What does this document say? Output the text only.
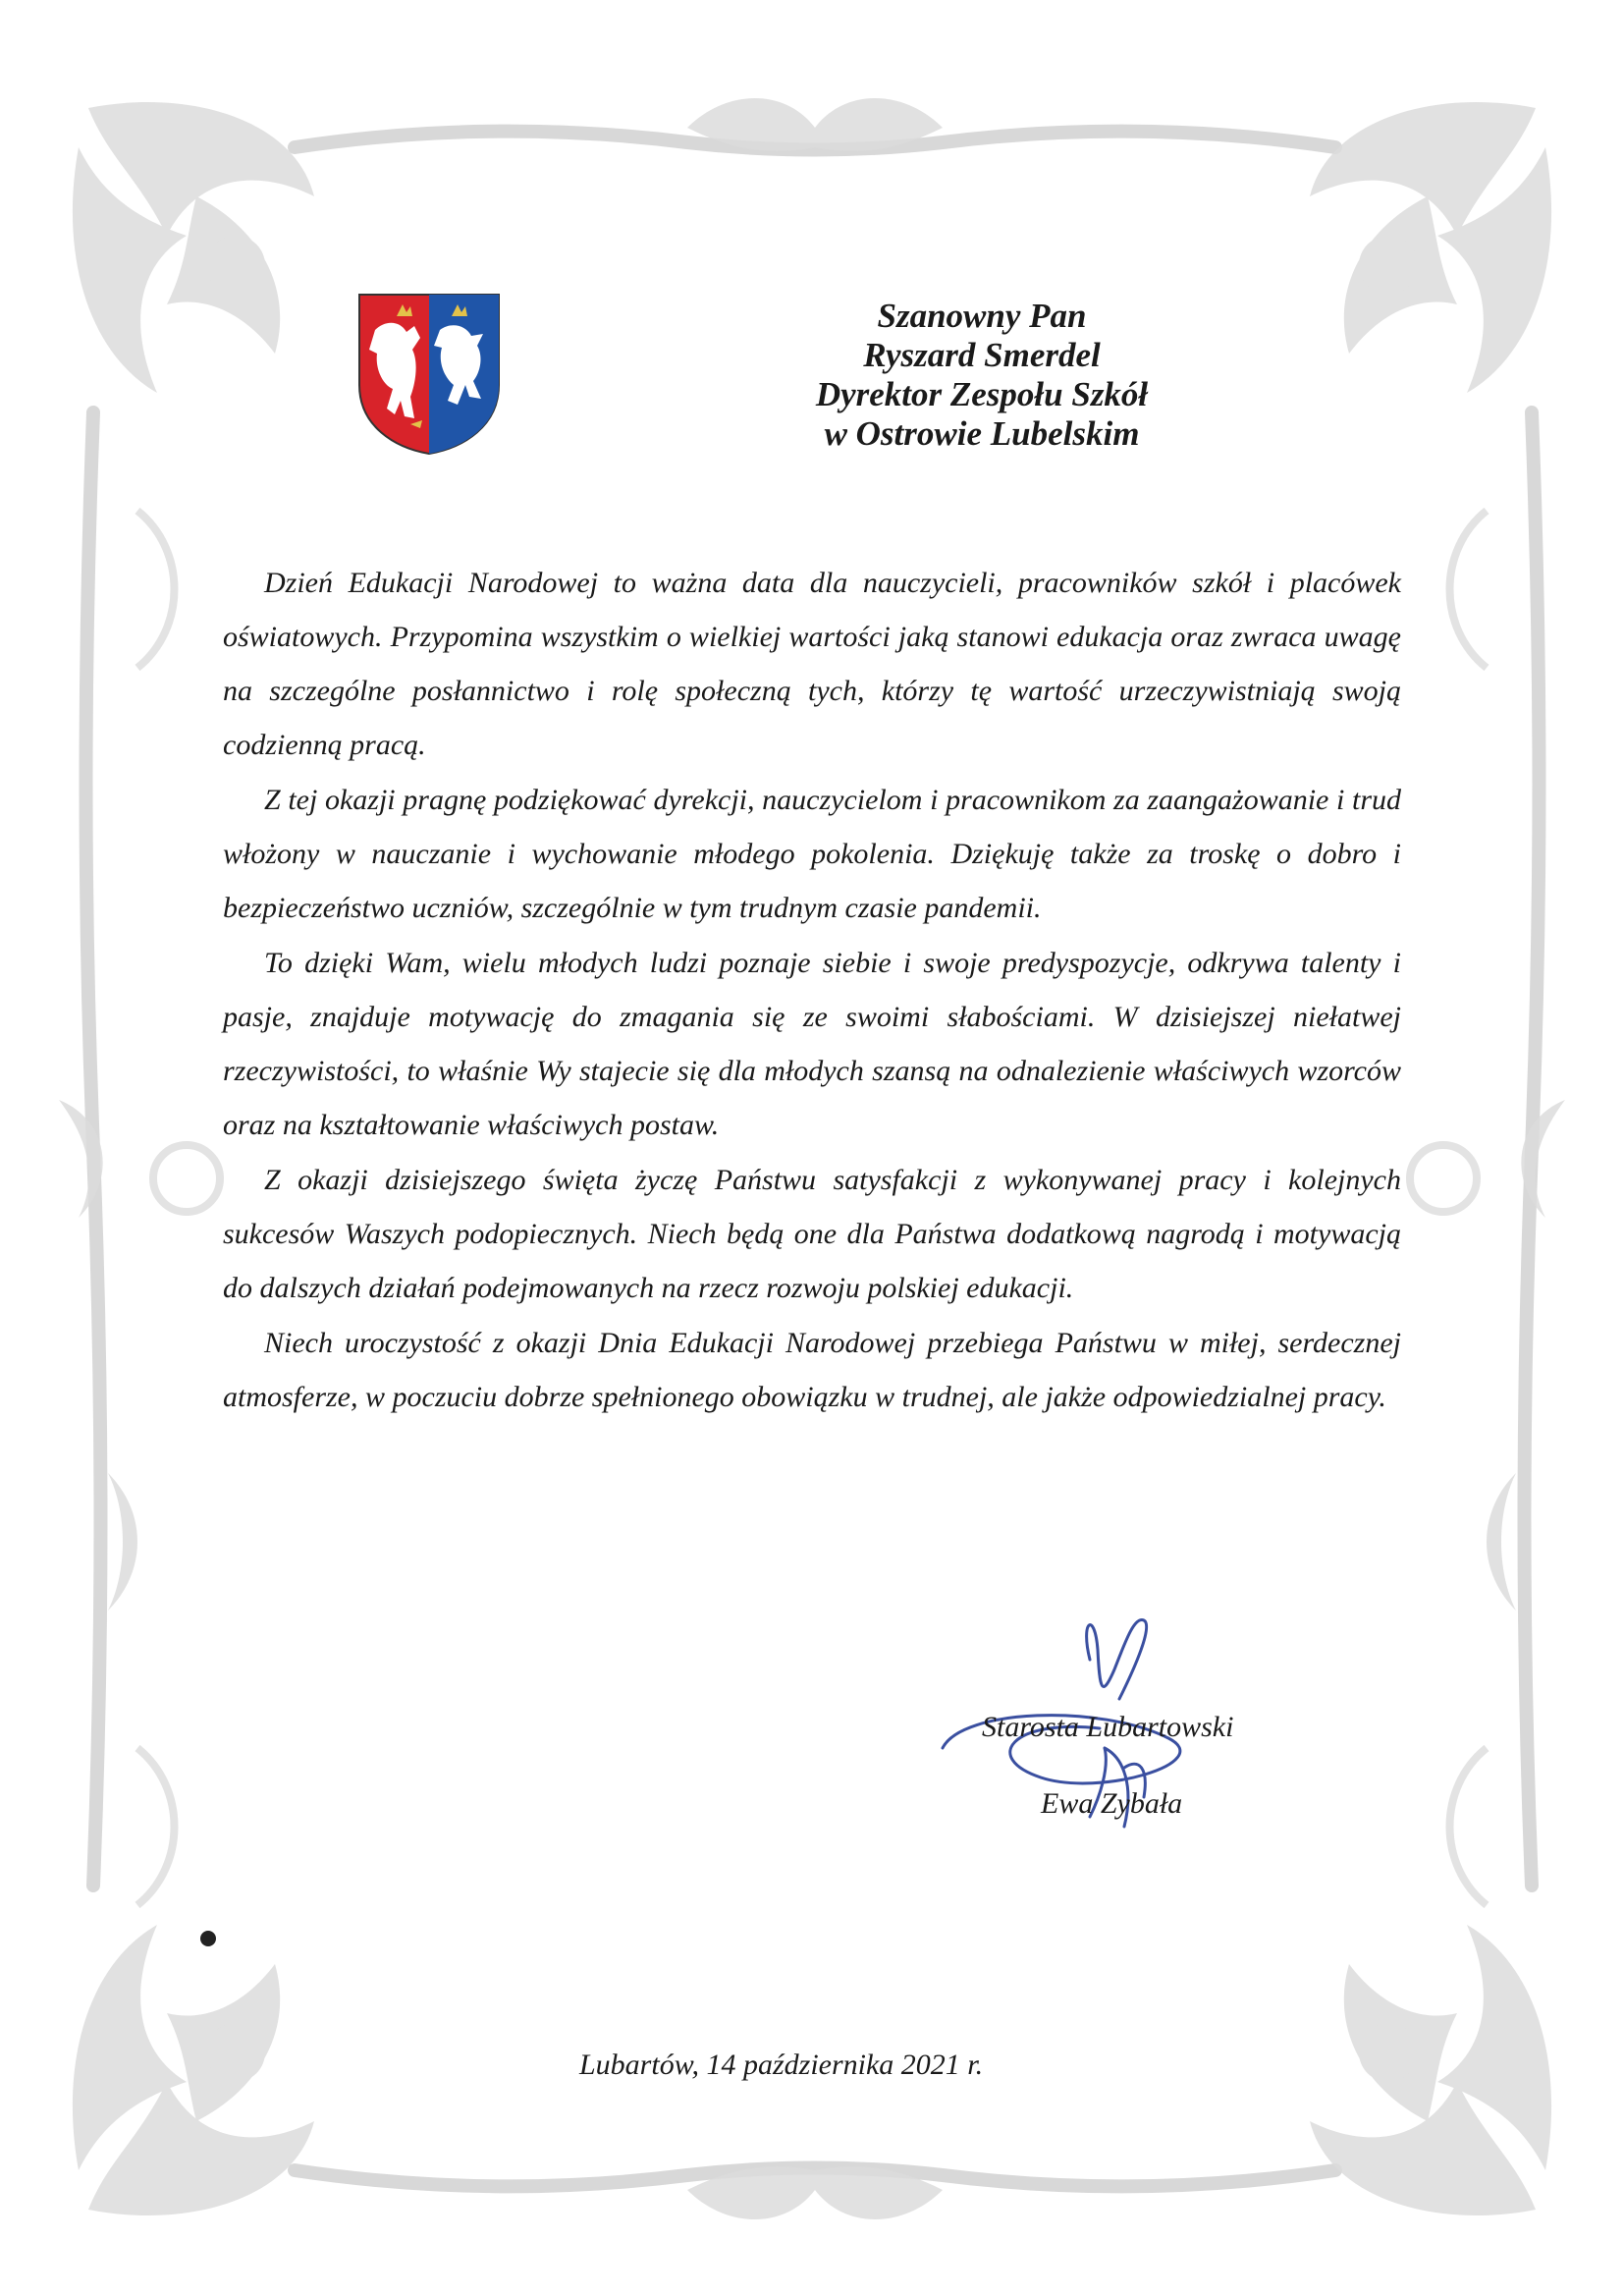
Szanowny Pan
Ryszard Smerdel
Dyrektor Zespołu Szkół
w Ostrowie Lubelskim

Dzień Edukacji Narodowej to ważna data dla nauczycieli, pracowników szkół i placówek oświatowych. Przypomina wszystkim o wielkiej wartości jaką stanowi edukacja oraz zwraca uwagę na szczególne posłannictwo i rolę społeczną tych, którzy tę wartość urzeczywistniają swoją codzienną pracą.

Z tej okazji pragnę podziękować dyrekcji, nauczycielom i pracownikom za zaangażowanie i trud włożony w nauczanie i wychowanie młodego pokolenia. Dziękuję także za troskę o dobro i bezpieczeństwo uczniów, szczególnie w tym trudnym czasie pandemii.

To dzięki Wam, wielu młodych ludzi poznaje siebie i swoje predyspozycje, odkrywa talenty i pasje, znajduje motywację do zmagania się ze swoimi słabościami. W dzisiejszej niełatwej rzeczywistości, to właśnie Wy stajecie się dla młodych szansą na odnalezienie właściwych wzorców oraz na kształtowanie właściwych postaw.

Z okazji dzisiejszego święta życzę Państwu satysfakcji z wykonywanej pracy i kolejnych sukcesów Waszych podopiecznych. Niech będą one dla Państwa dodatkową nagrodą i motywacją do dalszych działań podejmowanych na rzecz rozwoju polskiej edukacji.

Niech uroczystość z okazji Dnia Edukacji Narodowej przebiega Państwu w miłej, serdecznej atmosferze, w poczuciu dobrze spełnionego obowiązku w trudnej, ale jakże odpowiedzialnej pracy.

Starosta Lubartowski
Ewa Zybała
Lubartów, 14 października 2021 r.
